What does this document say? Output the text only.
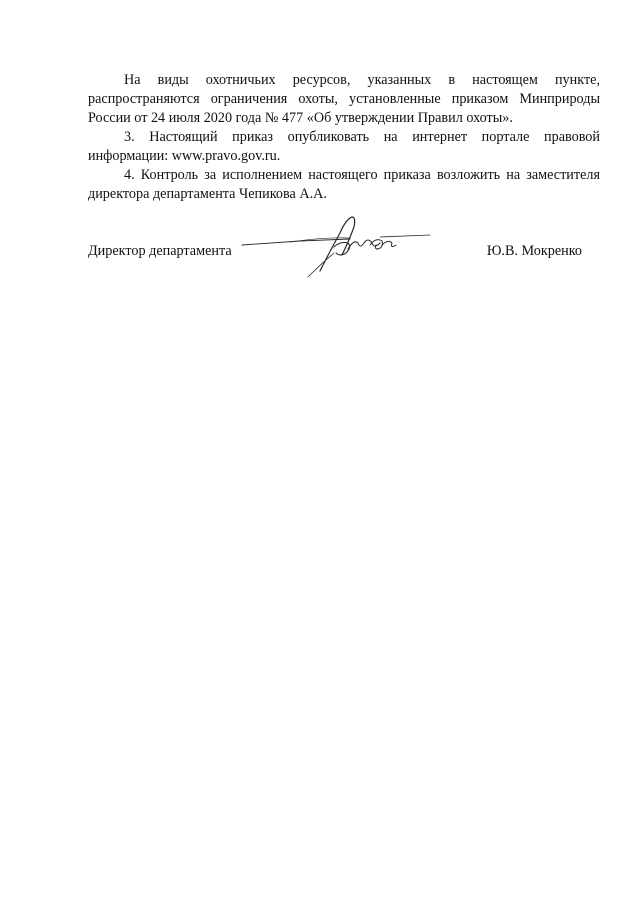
На виды охотничьих ресурсов, указанных в настоящем пункте, распространяются ограничения охоты, установленные приказом Минприроды России от 24 июля 2020 года № 477 «Об утверждении Правил охоты».

3. Настоящий приказ опубликовать на интернет портале правовой информации: www.pravo.gov.ru.

4. Контроль за исполнением настоящего приказа возложить на заместителя директора департамента Чепикова А.А.

Директор департамента	Ю.В. Мокренко
